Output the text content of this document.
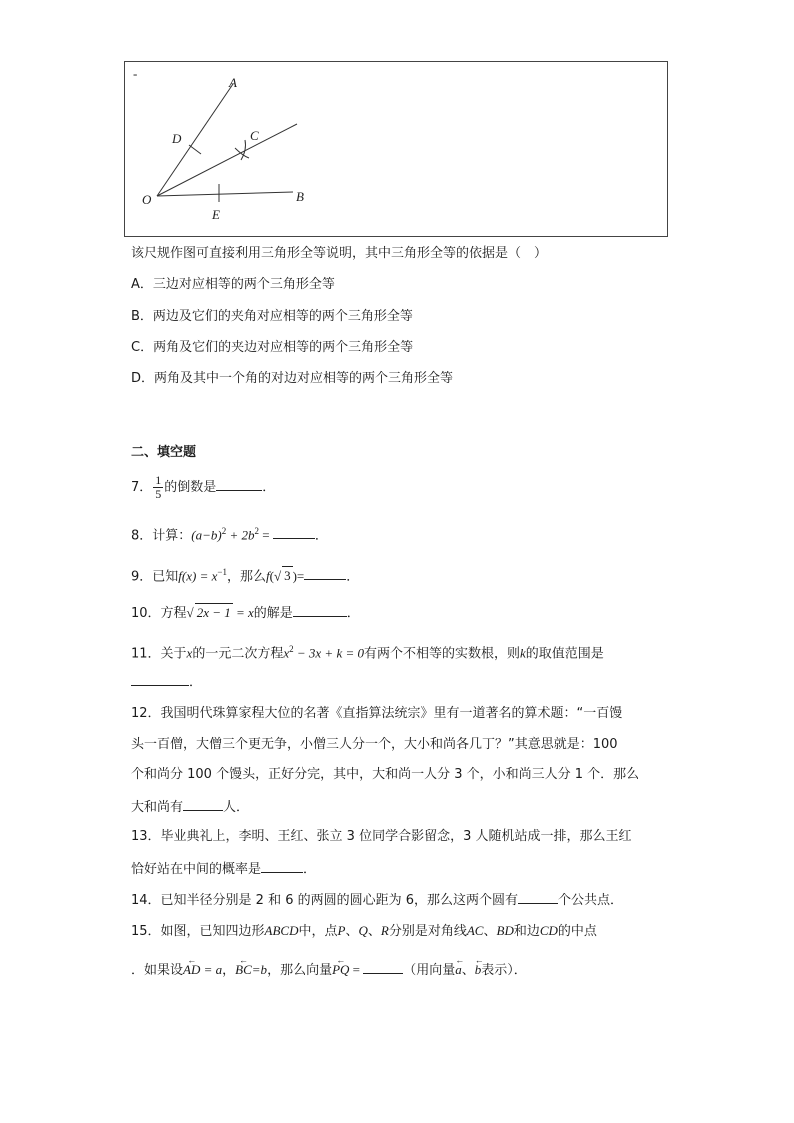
-
A
B
C
D
E
O
该尺规作图可直接利用三角形全等说明，其中三角形全等的依据是（　）
A．三边对应相等的两个三角形全等
B．两边及它们的夹角对应相等的两个三角形全等
C．两角及它们的夹边对应相等的两个三角形全等
D．两角及其中一个角的对边对应相等的两个三角形全等
二、填空题
7． $\frac{1}{5}$ 的倒数是	．
8．计算：$(a-b)^2 + 2b^2$ =	．
9．已知$f(x) = x^{-1}$，那么f(√ 3 )=	．
10．方程√ 2x − 1 = x的解是	．
11．关于x的一元二次方程$x^2 - 3x + k = 0$有两个不相等的实数根，则k的取值范围是
．
12．我国明代珠算家程大位的名著《直指算法统宗》里有一道著名的算术题：“一百馒
头一百僧，大僧三个更无争，小僧三人分一个，大小和尚各几丁？”其意思就是：100
个和尚分 100 个馒头，正好分完，其中，大和尚一人分 3 个，小和尚三人分 1 个．那么
大和尚有	人．
13．毕业典礼上，李明、王红、张立 3 位同学合影留念，3 人随机站成一排，那么王红
恰好站在中间的概率是	．
14．已知半径分别是 2 和 6 的两圆的圆心距为 6，那么这两个圆有	个公共点．
15．如图，已知四边形ABCD中，点P、Q、R分别是对角线AC、BD和边CD的中点
．如果设← AD = a，← BC=b，那么向量← PQ =	（用向量← a、← b表示）．
